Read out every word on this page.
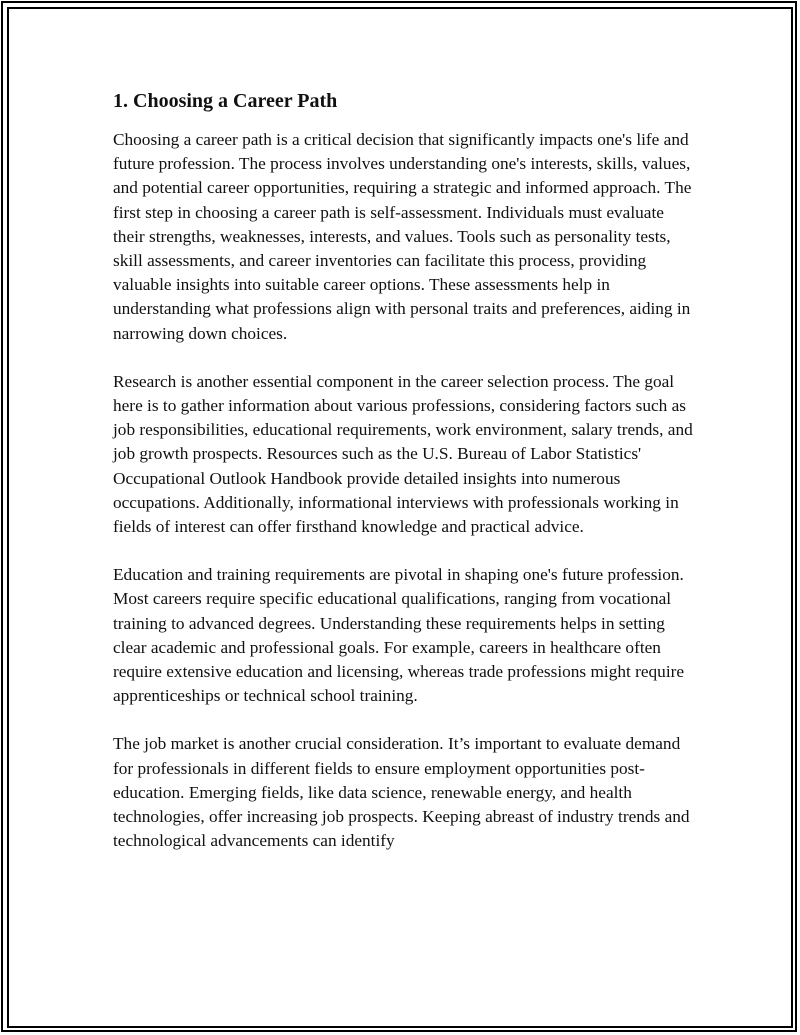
1. Choosing a Career Path

Choosing a career path is a critical decision that significantly impacts one's life and future profession. The process involves understanding one's interests, skills, values, and potential career opportunities, requiring a strategic and informed approach. The first step in choosing a career path is self-assessment. Individuals must evaluate their strengths, weaknesses, interests, and values. Tools such as personality tests, skill assessments, and career inventories can facilitate this process, providing valuable insights into suitable career options. These assessments help in understanding what professions align with personal traits and preferences, aiding in narrowing down choices.

Research is another essential component in the career selection process. The goal here is to gather information about various professions, considering factors such as job responsibilities, educational requirements, work environment, salary trends, and job growth prospects. Resources such as the U.S. Bureau of Labor Statistics' Occupational Outlook Handbook provide detailed insights into numerous occupations. Additionally, informational interviews with professionals working in fields of interest can offer firsthand knowledge and practical advice.

Education and training requirements are pivotal in shaping one's future profession. Most careers require specific educational qualifications, ranging from vocational training to advanced degrees. Understanding these requirements helps in setting clear academic and professional goals. For example, careers in healthcare often require extensive education and licensing, whereas trade professions might require apprenticeships or technical school training.

The job market is another crucial consideration. It’s important to evaluate demand for professionals in different fields to ensure employment opportunities post-education. Emerging fields, like data science, renewable energy, and health technologies, offer increasing job prospects. Keeping abreast of industry trends and technological advancements can identify
